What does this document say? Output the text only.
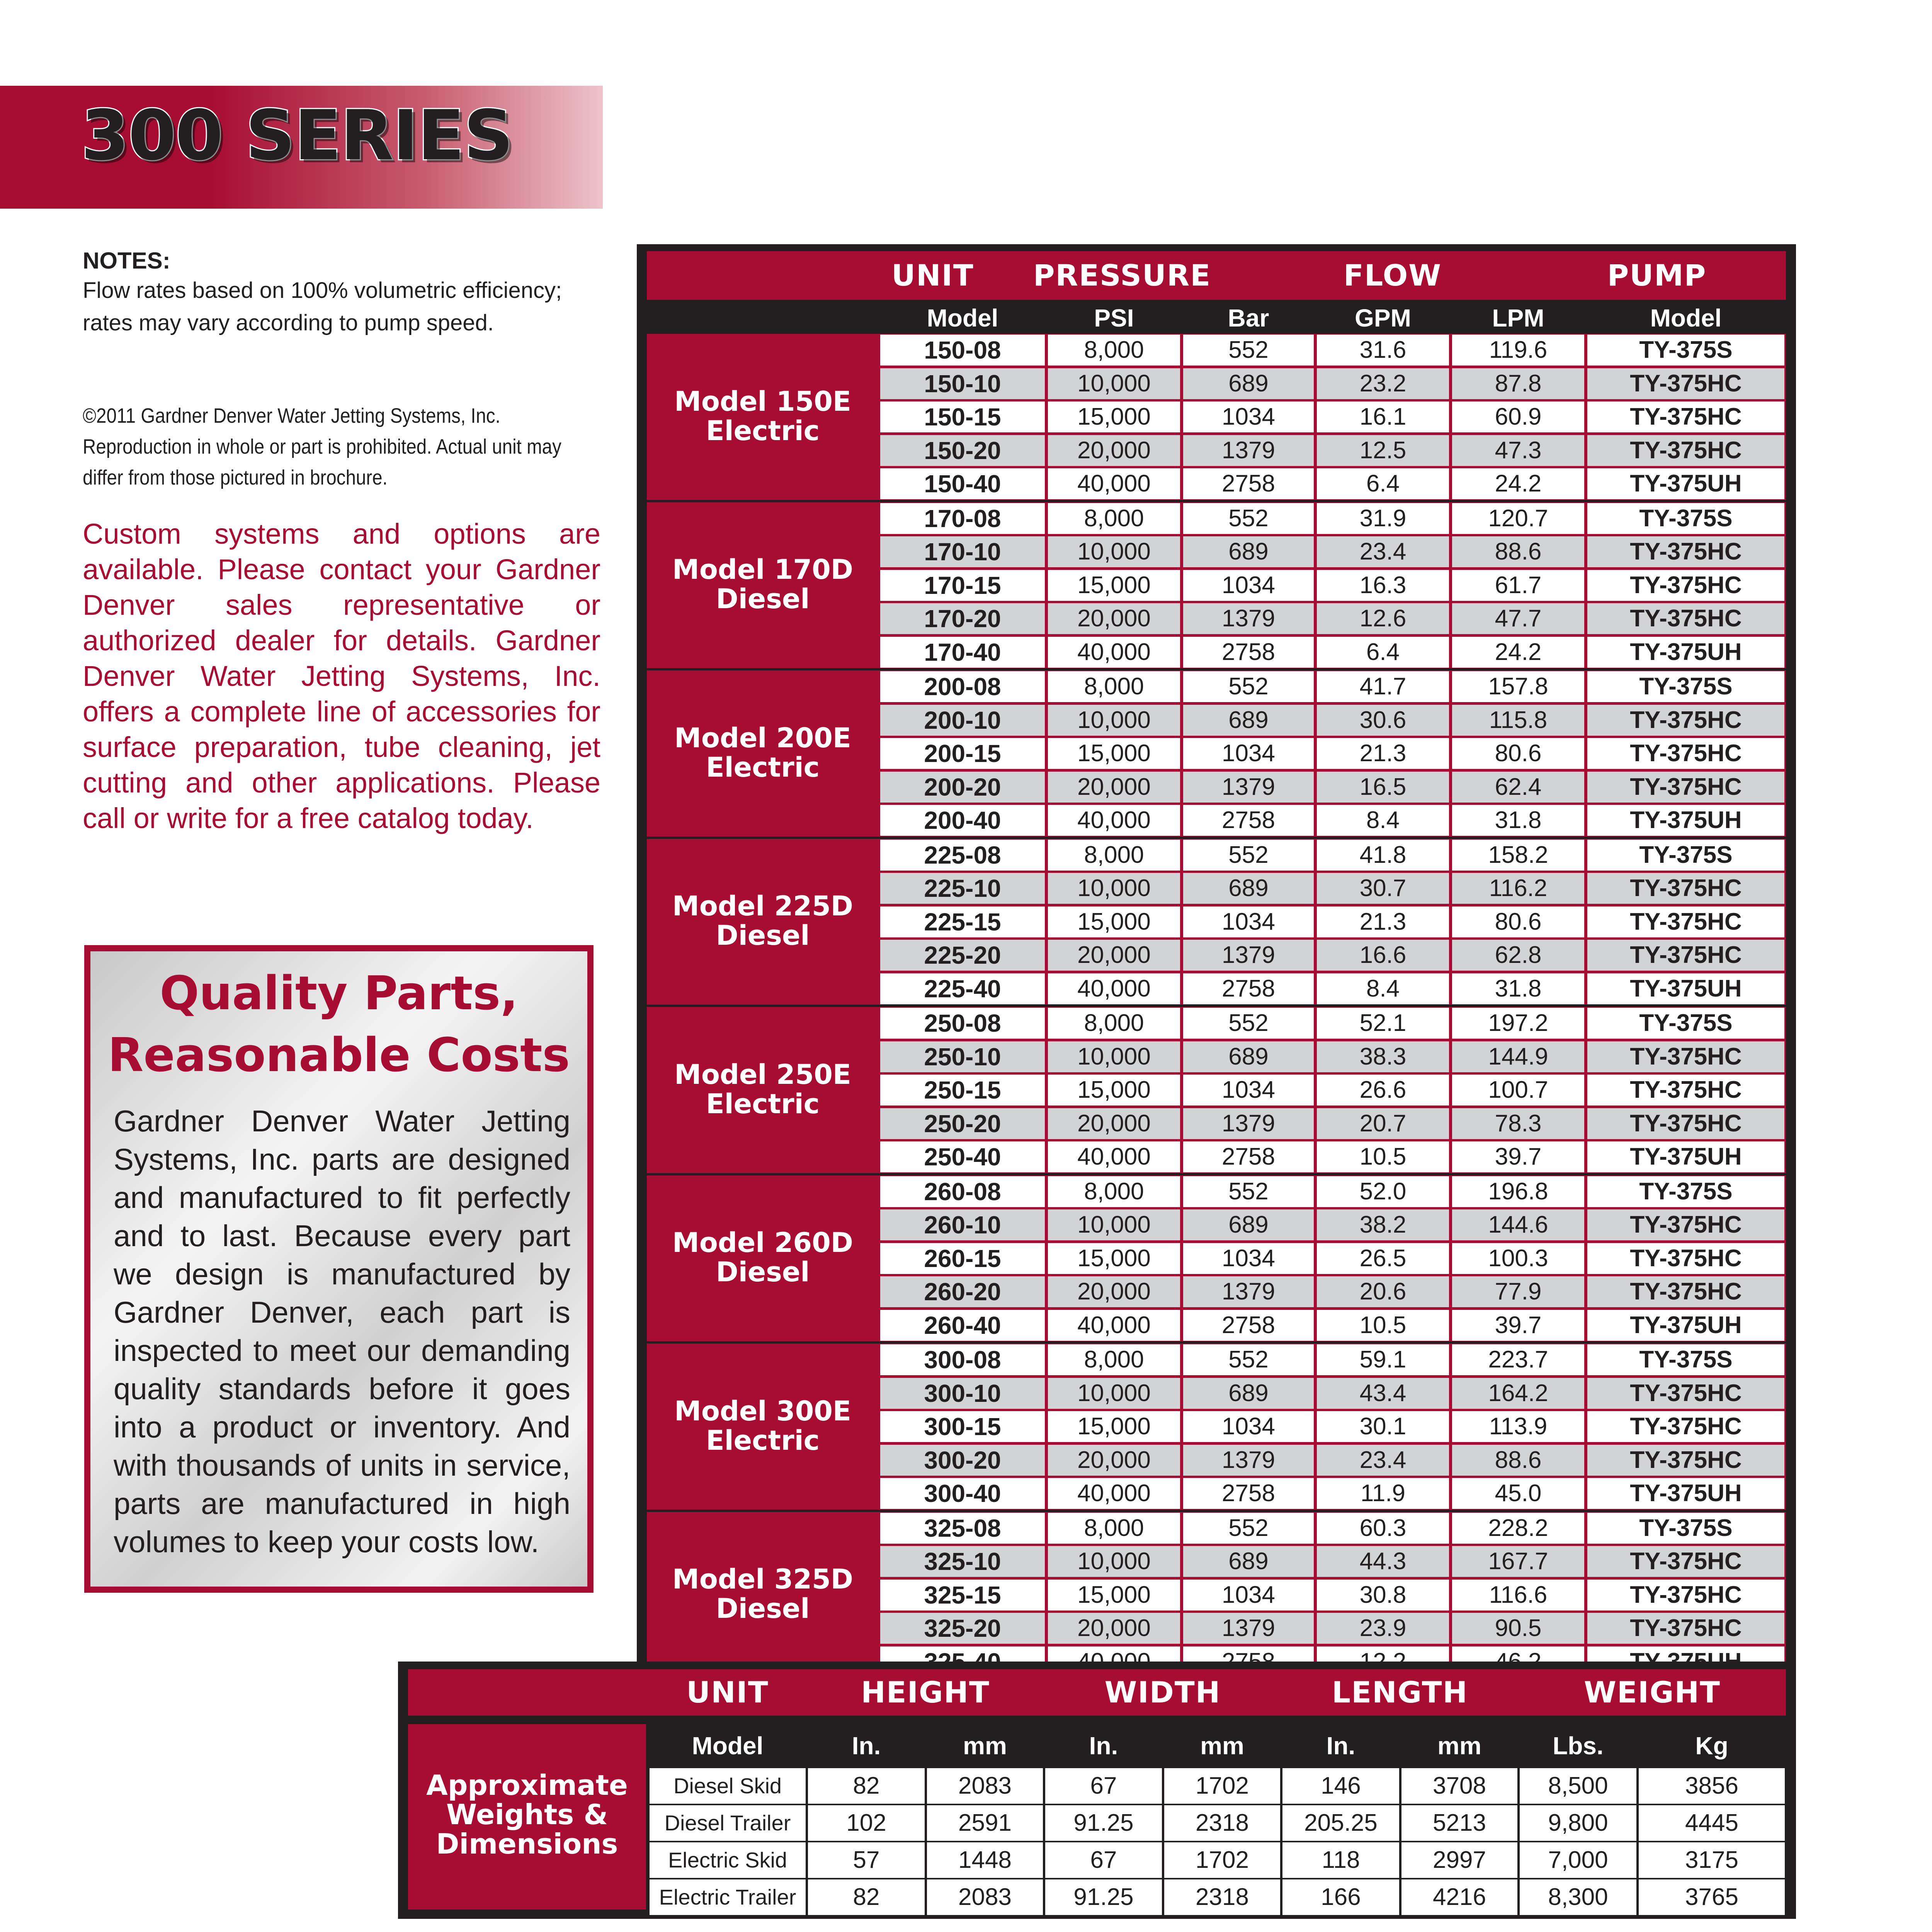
300 SERIES
NOTES:
Flow rates based on 100% volumetric efficiency; rates may vary according to pump speed.
©2011 Gardner Denver Water Jetting Systems, Inc. Reproduction in whole or part is prohibited. Actual unit may differ from those pictured in brochure.
Custom systems and options are available. Please contact your Gardner Denver sales representative or authorized dealer for details. Gardner Denver Water Jetting Systems, Inc. offers a complete line of accessories for surface preparation, tube cleaning, jet cutting and other applications. Please call or write for a free catalog today.
Quality Parts, Reasonable Costs
Gardner Denver Water Jetting Systems, Inc. parts are designed and manufactured to fit perfectly and to last. Because every part we design is manufactured by Gardner Denver, each part is inspected to meet our demanding quality standards before it goes into a product or inventory. And with thousands of units in service, parts are manufactured in high volumes to keep your costs low.
UNIT	PRESSURE	FLOW	PUMP
Model	PSI	Bar	GPM	LPM	Model
Model 150E
Electric
150-08	8,000	552	31.6	119.6	TY-375S
150-10	10,000	689	23.2	87.8	TY-375HC
150-15	15,000	1034	16.1	60.9	TY-375HC
150-20	20,000	1379	12.5	47.3	TY-375HC
150-40	40,000	2758	6.4	24.2	TY-375UH
Model 170D
Diesel
170-08	8,000	552	31.9	120.7	TY-375S
170-10	10,000	689	23.4	88.6	TY-375HC
170-15	15,000	1034	16.3	61.7	TY-375HC
170-20	20,000	1379	12.6	47.7	TY-375HC
170-40	40,000	2758	6.4	24.2	TY-375UH
Model 200E
Electric
200-08	8,000	552	41.7	157.8	TY-375S
200-10	10,000	689	30.6	115.8	TY-375HC
200-15	15,000	1034	21.3	80.6	TY-375HC
200-20	20,000	1379	16.5	62.4	TY-375HC
200-40	40,000	2758	8.4	31.8	TY-375UH
Model 225D
Diesel
225-08	8,000	552	41.8	158.2	TY-375S
225-10	10,000	689	30.7	116.2	TY-375HC
225-15	15,000	1034	21.3	80.6	TY-375HC
225-20	20,000	1379	16.6	62.8	TY-375HC
225-40	40,000	2758	8.4	31.8	TY-375UH
Model 250E
Electric
250-08	8,000	552	52.1	197.2	TY-375S
250-10	10,000	689	38.3	144.9	TY-375HC
250-15	15,000	1034	26.6	100.7	TY-375HC
250-20	20,000	1379	20.7	78.3	TY-375HC
250-40	40,000	2758	10.5	39.7	TY-375UH
Model 260D
Diesel
260-08	8,000	552	52.0	196.8	TY-375S
260-10	10,000	689	38.2	144.6	TY-375HC
260-15	15,000	1034	26.5	100.3	TY-375HC
260-20	20,000	1379	20.6	77.9	TY-375HC
260-40	40,000	2758	10.5	39.7	TY-375UH
Model 300E
Electric
300-08	8,000	552	59.1	223.7	TY-375S
300-10	10,000	689	43.4	164.2	TY-375HC
300-15	15,000	1034	30.1	113.9	TY-375HC
300-20	20,000	1379	23.4	88.6	TY-375HC
300-40	40,000	2758	11.9	45.0	TY-375UH
Model 325D
Diesel
325-08	8,000	552	60.3	228.2	TY-375S
325-10	10,000	689	44.3	167.7	TY-375HC
325-15	15,000	1034	30.8	116.6	TY-375HC
325-20	20,000	1379	23.9	90.5	TY-375HC
UNIT	HEIGHT	WIDTH	LENGTH	WEIGHT
Approximate
Weights &
Dimensions
Model	In.	mm	In.	mm	In.	mm	Lbs.	Kg
Diesel Skid	82	2083	67	1702	146	3708	8,500	3856
Diesel Trailer	102	2591	91.25	2318	205.25	5213	9,800	4445
Electric Skid	57	1448	67	1702	118	2997	7,000	3175
Electric Trailer	82	2083	91.25	2318	166	4216	8,300	3765
